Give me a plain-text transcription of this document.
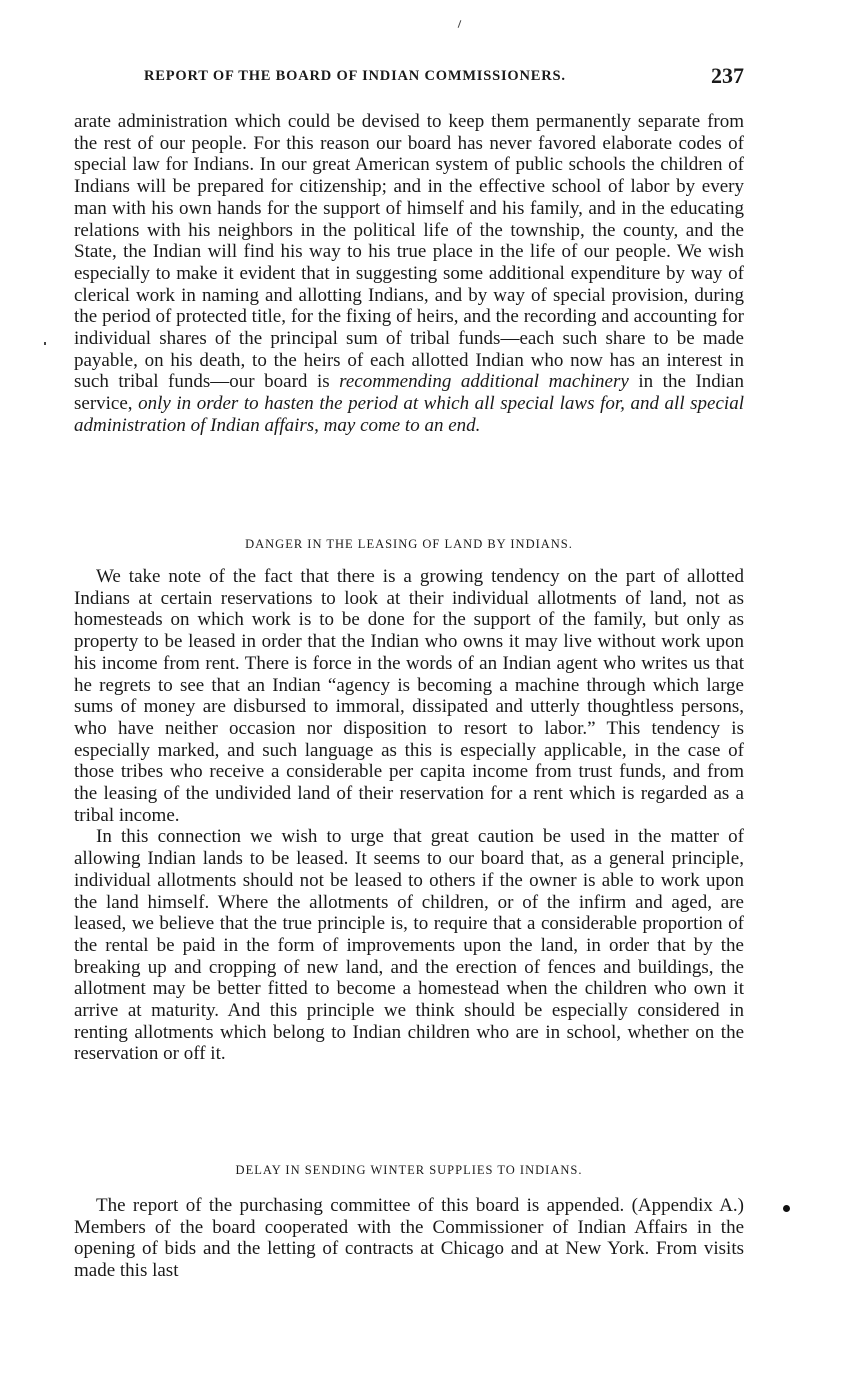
REPORT OF THE BOARD OF INDIAN COMMISSIONERS.	237

arate administration which could be devised to keep them permanently separate from the rest of our people. For this reason our board has never favored elaborate codes of special law for Indians. In our great American system of public schools the children of Indians will be prepared for citizenship; and in the effective school of labor by every man with his own hands for the support of himself and his family, and in the educating relations with his neighbors in the political life of the township, the county, and the State, the Indian will find his way to his true place in the life of our people. We wish especially to make it evident that in suggesting some additional expenditure by way of clerical work in naming and allotting Indians, and by way of special provision, during the period of protected title, for the fixing of heirs, and the recording and accounting for individual shares of the principal sum of tribal funds—each such share to be made payable, on his death, to the heirs of each allotted Indian who now has an interest in such tribal funds—our board is recommending additional machinery in the Indian service, only in order to hasten the period at which all special laws for, and all special administration of Indian affairs, may come to an end.

DANGER IN THE LEASING OF LAND BY INDIANS.

We take note of the fact that there is a growing tendency on the part of allotted Indians at certain reservations to look at their individual allotments of land, not as homesteads on which work is to be done for the support of the family, but only as property to be leased in order that the Indian who owns it may live without work upon his income from rent. There is force in the words of an Indian agent who writes us that he regrets to see that an Indian “agency is becoming a machine through which large sums of money are disbursed to immoral, dissipated and utterly thoughtless persons, who have neither occasion nor disposition to resort to labor.” This tendency is especially marked, and such language as this is especially applicable, in the case of those tribes who receive a considerable per capita income from trust funds, and from the leasing of the undivided land of their reservation for a rent which is regarded as a tribal income.

In this connection we wish to urge that great caution be used in the matter of allowing Indian lands to be leased. It seems to our board that, as a general principle, individual allotments should not be leased to others if the owner is able to work upon the land himself. Where the allotments of children, or of the infirm and aged, are leased, we believe that the true principle is, to require that a considerable proportion of the rental be paid in the form of improvements upon the land, in order that by the breaking up and cropping of new land, and the erection of fences and buildings, the allotment may be better fitted to become a homestead when the children who own it arrive at maturity. And this principle we think should be especially considered in renting allotments which belong to Indian children who are in school, whether on the reservation or off it.

DELAY IN SENDING WINTER SUPPLIES TO INDIANS.

The report of the purchasing committee of this board is appended. (Appendix A.) Members of the board cooperated with the Commissioner of Indian Affairs in the opening of bids and the letting of contracts at Chicago and at New York. From visits made this last
